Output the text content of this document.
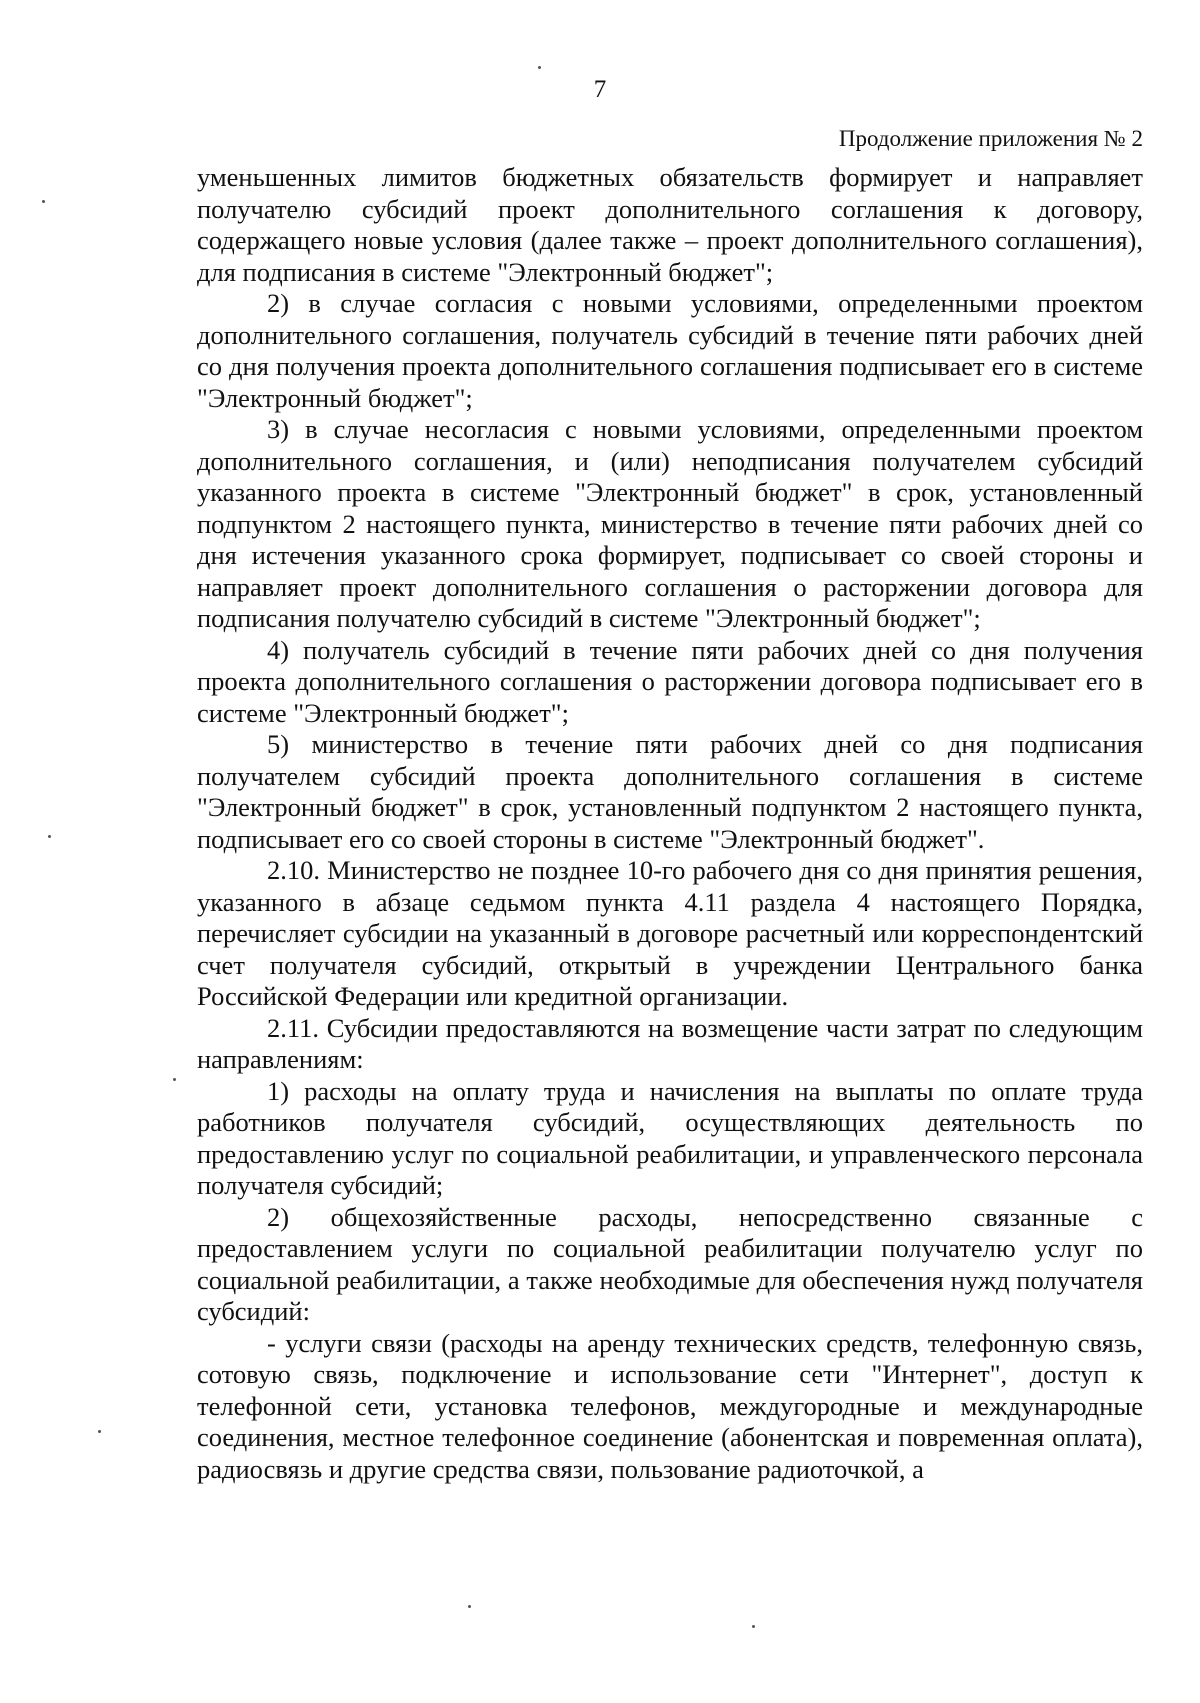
7
Продолжение приложения № 2

уменьшенных лимитов бюджетных обязательств формирует и направляет получателю субсидий проект дополнительного соглашения к договору, содержащего новые условия (далее также – проект дополнительного соглашения), для подписания в системе "Электронный бюджет";

2) в случае согласия с новыми условиями, определенными проектом дополнительного соглашения, получатель субсидий в течение пяти рабочих дней со дня получения проекта дополнительного соглашения подписывает его в системе "Электронный бюджет";

3) в случае несогласия с новыми условиями, определенными проектом дополнительного соглашения, и (или) неподписания получателем субсидий указанного проекта в системе "Электронный бюджет" в срок, установленный подпунктом 2 настоящего пункта, министерство в течение пяти рабочих дней со дня истечения указанного срока формирует, подписывает со своей стороны и направляет проект дополнительного соглашения о расторжении договора для подписания получателю субсидий в системе "Электронный бюджет";

4) получатель субсидий в течение пяти рабочих дней со дня получения проекта дополнительного соглашения о расторжении договора подписывает его в системе "Электронный бюджет";

5) министерство в течение пяти рабочих дней со дня подписания получателем субсидий проекта дополнительного соглашения в системе "Электронный бюджет" в срок, установленный подпунктом 2 настоящего пункта, подписывает его со своей стороны в системе "Электронный бюджет".

2.10. Министерство не позднее 10-го рабочего дня со дня принятия решения, указанного в абзаце седьмом пункта 4.11 раздела 4 настоящего Порядка, перечисляет субсидии на указанный в договоре расчетный или корреспондентский счет получателя субсидий, открытый в учреждении Центрального банка Российской Федерации или кредитной организации.

2.11. Субсидии предоставляются на возмещение части затрат по следующим направлениям:

1) расходы на оплату труда и начисления на выплаты по оплате труда работников получателя субсидий, осуществляющих деятельность по предоставлению услуг по социальной реабилитации, и управленческого персонала получателя субсидий;

2) общехозяйственные расходы, непосредственно связанные с предоставлением услуги по социальной реабилитации получателю услуг по социальной реабилитации, а также необходимые для обеспечения нужд получателя субсидий:

- услуги связи (расходы на аренду технических средств, телефонную связь, сотовую связь, подключение и использование сети "Интернет", доступ к телефонной сети, установка телефонов, междугородные и международные соединения, местное телефонное соединение (абонентская и повременная оплата), радиосвязь и другие средства связи, пользование радиоточкой, а
